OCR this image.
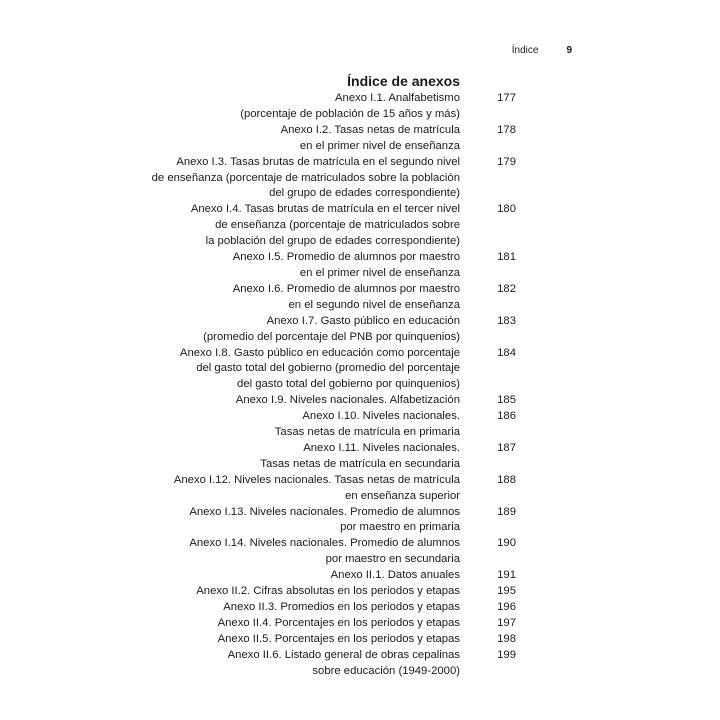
Índice	9
Índice de anexos
Anexo I.1. Analfabetismo
(porcentaje de población de 15 años y más)
177
Anexo I.2. Tasas netas de matrícula
en el primer nivel de enseñanza
178
Anexo I.3. Tasas brutas de matrícula en el segundo nivel
de enseñanza (porcentaje de matriculados sobre la población
del grupo de edades correspondiente)
179
Anexo I.4. Tasas brutas de matrícula en el tercer nivel
de enseñanza (porcentaje de matriculados sobre
la población del grupo de edades correspondiente)
180
Anexo I.5. Promedio de alumnos por maestro
en el primer nivel de enseñanza
181
Anexo I.6. Promedio de alumnos por maestro
en el segundo nivel de enseñanza
182
Anexo I.7. Gasto público en educación
(promedio del porcentaje del PNB por quinquenios)
183
Anexo I.8. Gasto público en educación como porcentaje
del gasto total del gobierno (promedio del porcentaje
del gasto total del gobierno por quinquenios)
184
Anexo I.9. Niveles nacionales. Alfabetización	185
Anexo I.10. Niveles nacionales.
Tasas netas de matrícula en primaria
186
Anexo I.11. Niveles nacionales.
Tasas netas de matrícula en secundaria
187
Anexo I.12. Niveles nacionales. Tasas netas de matrícula
en enseñanza superior
188
Anexo I.13. Niveles nacionales. Promedio de alumnos
por maestro en primaria
189
Anexo I.14. Niveles nacionales. Promedio de alumnos
por maestro en secundaria
190
Anexo II.1. Datos anuales	191
Anexo II.2. Cifras absolutas en los periodos y etapas	195
Anexo II.3. Promedios en los periodos y etapas	196
Anexo II.4. Porcentajes en los periodos y etapas	197
Anexo II.5. Porcentajes en los periodos y etapas	198
Anexo II.6. Listado general de obras cepalinas
sobre educación (1949-2000)
199
